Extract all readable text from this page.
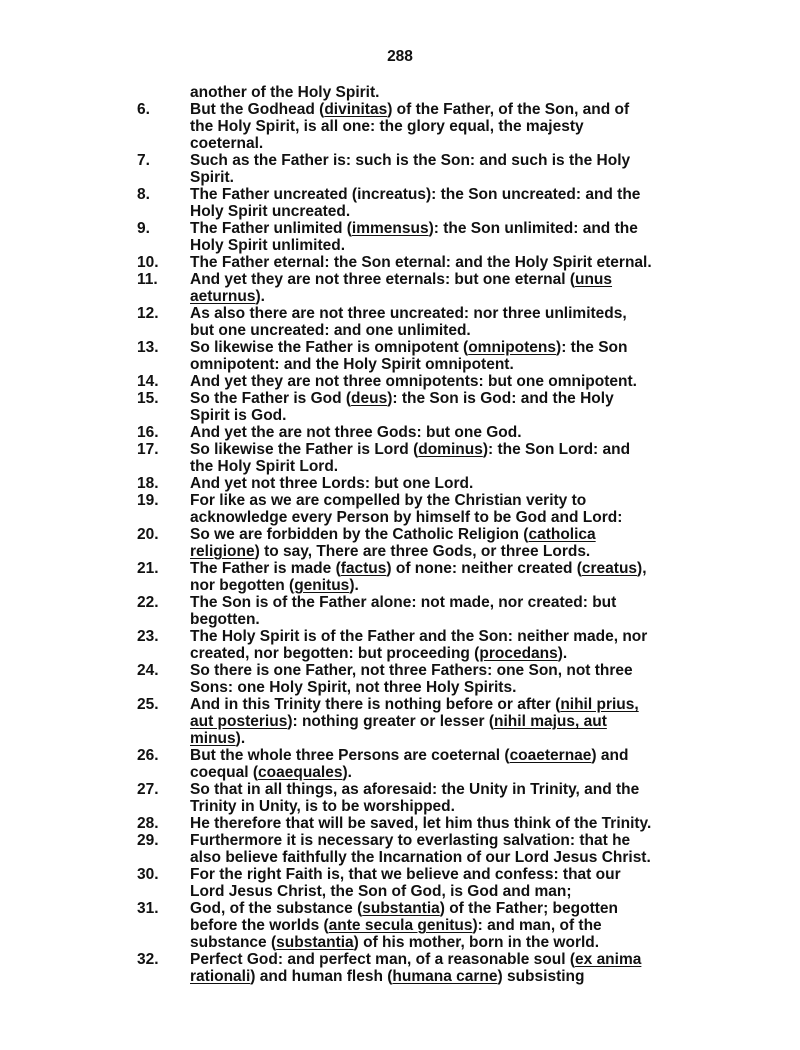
288
another of the Holy Spirit.
6.	But the Godhead (divinitas) of the Father, of the Son, and of
the Holy Spirit, is all one: the glory equal, the majesty
coeternal.
7.	Such as the Father is: such is the Son: and such is the Holy
Spirit.
8.	The Father uncreated (increatus): the Son uncreated: and the
Holy Spirit uncreated.
9.	The Father unlimited (immensus): the Son unlimited: and the
Holy Spirit unlimited.
10.	The Father eternal: the Son eternal: and the Holy Spirit eternal.
11.	And yet they are not three eternals: but one eternal (unus
aeturnus).
12.	As also there are not three uncreated: nor three unlimiteds,
but one uncreated: and one unlimited.
13.	So likewise the Father is omnipotent (omnipotens): the Son
omnipotent: and the Holy Spirit omnipotent.
14.	And yet they are not three omnipotents: but one omnipotent.
15.	So the Father is God (deus): the Son is God: and the Holy
Spirit is God.
16.	And yet the are not three Gods: but one God.
17.	So likewise the Father is Lord (dominus): the Son Lord: and
the Holy Spirit Lord.
18.	And yet not three Lords: but one Lord.
19.	For like as we are compelled by the Christian verity to
acknowledge every Person by himself to be God and Lord:
20.	So we are forbidden by the Catholic Religion (catholica
religione) to say, There are three Gods, or three Lords.
21.	The Father is made (factus) of none: neither created (creatus),
nor begotten (genitus).
22.	The Son is of the Father alone: not made, nor created: but
begotten.
23.	The Holy Spirit is of the Father and the Son: neither made, nor
created, nor begotten: but proceeding (procedans).
24.	So there is one Father, not three Fathers: one Son, not three
Sons: one Holy Spirit, not three Holy Spirits.
25.	And in this Trinity there is nothing before or after (nihil prius,
aut posterius): nothing greater or lesser (nihil majus, aut
minus).
26.	But the whole three Persons are coeternal (coaeternae) and
coequal (coaequales).
27.	So that in all things, as aforesaid: the Unity in Trinity, and the
Trinity in Unity, is to be worshipped.
28.	He therefore that will be saved, let him thus think of the Trinity.
29.	Furthermore it is necessary to everlasting salvation: that he
also believe faithfully the Incarnation of our Lord Jesus Christ.
30.	For the right Faith is, that we believe and confess: that our
Lord Jesus Christ, the Son of God, is God and man;
31.	God, of the substance (substantia) of the Father; begotten
before the worlds (ante secula genitus): and man, of the
substance (substantia) of his mother, born in the world.
32.	Perfect God: and perfect man, of a reasonable soul (ex anima
rationali) and human flesh (humana carne) subsisting
